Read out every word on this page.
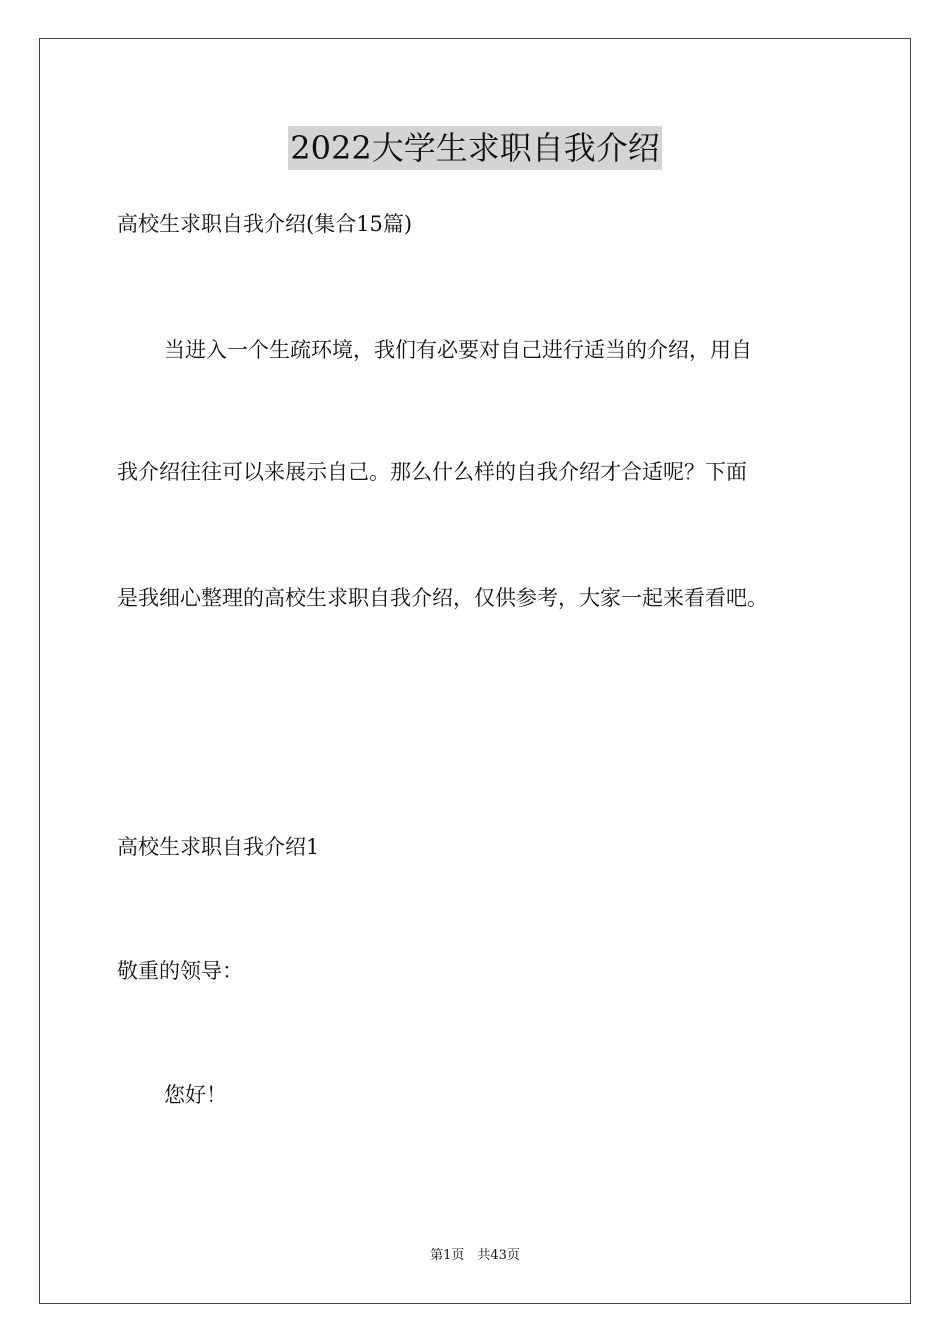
2022大学生求职自我介绍
高校生求职自我介绍(集合15篇)
当进入一个生疏环境，我们有必要对自己进行适当的介绍，用自
我介绍往往可以来展示自己。那么什么样的自我介绍才合适呢？下面
是我细心整理的高校生求职自我介绍，仅供参考，大家一起来看看吧。
高校生求职自我介绍1
敬重的领导：
您好！
第1页　共43页
